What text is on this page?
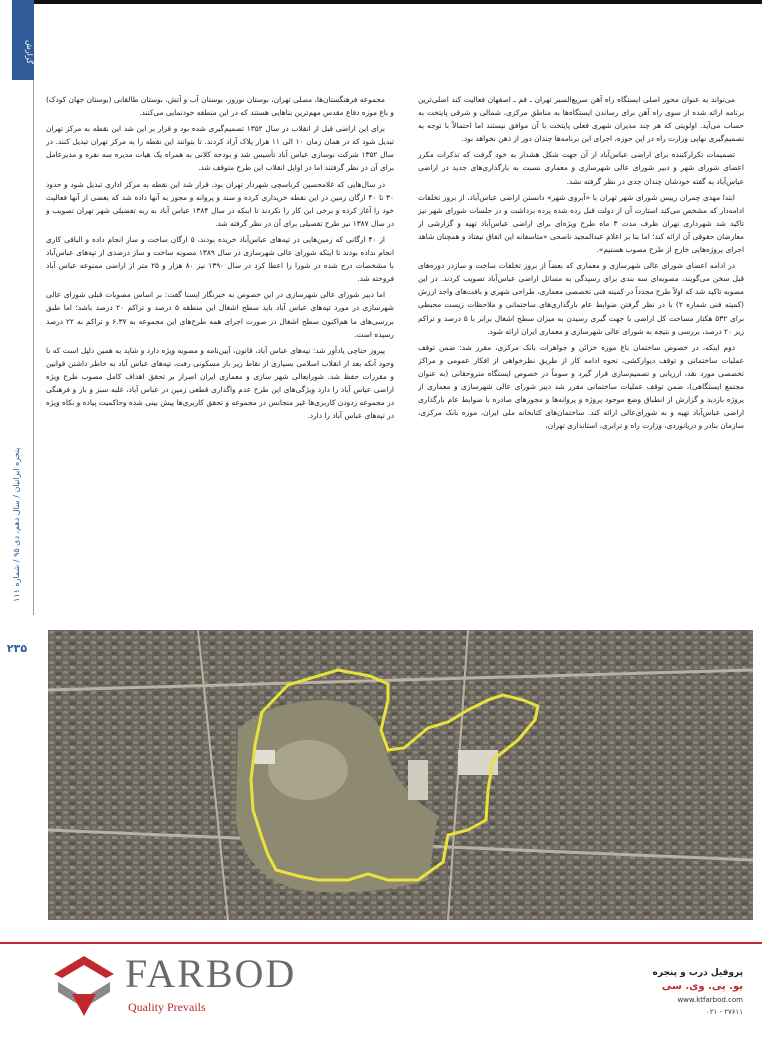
گزارش
پنجره ایرانیان / سال دهم، دی ۹۵ / شماره ۱۱۱
۲۳۵

می‌تواند به عنوان محور اصلی ایستگاه راه آهن سریع‌السیر تهران ـ قم ـ اصفهان فعالیت کند اصلی‌ترین برنامه ارائه شده از سوی راه آهن برای رساندن ایستگاه‌ها به مناطق مرکزی، شمالی و شرقی پایتخت به حساب می‌آید. اولویتی که هر چند مدیران شهری فعلی پایتخت با آن موافق نیستند اما احتمالاً با توجه به تصمیم‌گیری نهایی وزارت راه در این حوزه، اجرای این برنامه‌ها چندان دور از ذهن نخواهد بود.

تصمیمات تکرارکننده برای اراضی عباس‌آباد از آن جهت شکل هشدار به خود گرفت که تذکرات مکرر اعضای شورای شهر و دبیر شورای عالی شهرسازی و معماری نسبت به بارگذاری‌های جدید در اراضی عباس‌آباد به گفته خودشان چندان جدی در نظر گرفته نشد.

ابتدا مهدی چمران رییس شورای شهر تهران با «آبروی شهر» دانستن اراضی عباس‌آباد، از بروز تخلفات ادامه‌دار که مشخص می‌کند استارت آن از دولت قبل زده شده پرده برداشت و در جلسات شورای شهر نیز تاکید شد شهرداری تهران ظرف مدت ۳ ماه طرح ویژه‌ای برای اراضی عباس‌آباد تهیه و گزارشی از معارضان حقوقی آن ارائه کند؛ اما بنا بر اعلام عبدالمجید ناصحی «متاسفانه این اتفاق نیفتاد و همچنان شاهد اجرای پروژه‌هایی خارج از طرح مصوب هستیم».

در ادامه اعضای شورای عالی شهرسازی و معماری که بعضاً از بروز تخلفات ساخت و سازدر دوره‌های قبل سخن می‌گویند، مصوبه‌ای سه بندی برای رسیدگی به مسائل اراضی عباس‌آباد تصویب کردند. در این مصوبه تاکید شد که اولاً طرح مجدداً در کمیته فنی تخصصی معماری، طراحی شهری و بافت‌های واجد ارزش (کمیته فنی شماره ۲) با در نظر گرفتن ضوابط عام بارگذاری‌های ساختمانی و ملاحظات زیست محیطی برای ۵۳۲ هکتار مساحت کل اراضی با جهت گیری رسیدن به میزان سطح اشغال برابر با ۵ درصد و تراکم زیر ۲۰ درصد، بررسی و نتیجه به شورای عالی شهرسازی و معماری ایران ارائه شود.

دوم اینکه، در خصوص ساختمان باغ موزه خزائن و جواهرات بانک مرکزی، مقرر شد: ضمن توقف عملیات ساختمانی و توقف دیوارکشی، نحوه ادامه کار از طریق نظرخواهی از افکار عمومی و مراکز تخصصی مورد نقد، ارزیابی و تصمیم‌سازی قرار گیرد و سوماً در خصوص ایستگاه متروحقانی (به عنوان مجتمع ایستگاهی)، ضمن توقف عملیات ساختمانی مقرر شد دبیر شورای عالی شهرسازی و معماری از پروژه بازدید و گزارش از انطباق وضع موجود پروژه و پروانه‌ها و مجوزهای صادره با ضوابط عام بارگذاری اراضی عباس‌آباد تهیه و به شورای‌عالی ارائه کند. ساختمان‌های کتابخانه ملی ایران، موزه بانک مرکزی، سازمان بنادر و دریانوردی، وزارت راه و ترابری، استانداری تهران،

مجموعه فرهنگستان‌ها، مصلی تهران، بوستان نوروز، بوستان آب و آتش، بوستان طالقانی (بوستان جهان کودک) و باغ موزه دفاع مقدس مهم‌ترین بناهایی هستند که در این منطقه خودنمایی می‌کنند.

برای این اراضی قبل از انقلاب در سال ۱۳۵۲ تصمیم‌گیری شده بود و قرار بر این شد این نقطه به مرکز تهران تبدیل شود که در همان زمان ۱۰ الی ۱۱ هزار پلاک آزاد کردند. تا بتوانند این نقطه را به مرکز تهران تبدیل کنند. در سال ۱۳۵۲ شرکت نوسازی عباس آباد تأسیس شد و بودجه کلانی به همراه یک هیات مدیره سه نفره و مدیرعامل برای آن در نظر گرفتند اما در اوایل انقلاب این طرح متوقف شد.

در سال‌هایی که غلامحسین کرباسچی شهردار تهران بود، قرار شد این نقطه به مرکز اداری تبدیل شود و حدود ۳۰ تا ۴۰ ارگان زمین در این نقطه خریداری کرده و سند و پروانه و مجوز به آنها داده شد که بعضی از آنها فعالیت خود را آغاز کرده و برخی این کار را نکردند تا اینکه در سال ۱۳۸۴ عباس آباد به ربه تفضیلی شهر تهران تصویب و در سال ۱۳۸۷ نیز طرح تفصیلی برای آن در نظر گرفته شد.

از ۴۰ ارگانی که زمین‌هایی در تپه‌های عباس‌آباد خریده بودند، ۵ ارگان ساخت و ساز انجام داده و الباقی کاری انجام نداده بودند تا اینکه شورای عالی شهرسازی در سال ۱۳۸۹ مصوبه ساخت و ساز درصدی از تپه‌های عباس‌آباد با مشخصات درج شده در شورا را اعطا کرد در سال ۱۳۹۰ نیز ۸۰ هزار و ۲۵ متر از اراضی ممنوعه عباس آباد فروخته شد.

اما دبیر شورای عالی شهرسازی در این خصوص به خبرنگار ایسنا گفت: بر اساس مصوبات قبلی شورای عالی شهرسازی در مورد تپه‌های عباس آباد باید سطح اشغال این منطقه ۵ درصد و تراکم ۲۰ درصد باشد؛ اما طبق بررسی‌های ما هم‌اکنون سطح اشغال در صورت اجرای همه طرح‌های این مجموعه به ۶.۳۷ و تراکم به ۲۲ درصد رسیده است.

پیروز حناچی یادآور شد: تپه‌های عباس آباد، قانون، آیین‌نامه و مصوبه ویژه دارد و شاید به همین دلیل است که با وجود آنکه بعد از انقلاب اسلامی بسیاری از نقاط زیر بار مسکونی رفت، تپه‌های عباس آباد به خاطر داشتن قوانین و مقررات حفظ شد. شورایعالی شهر سازی و معماری ایران اصرار بر تحقق اهداف کامل مصوب طرح ویژه اراضی عباس آباد را دارد ویژگی‌های این طرح عدم واگذاری قطعی زمین در عباس آباد، غلبه سبز و باز و فرهنگی در مجموعه زدودن کاربری‌ها غیر متجانس در مجموعه و تحقق کاربری‌ها پیش بینی شده وحاکمیت پیاده و نکاه ویژه در تپه‌های عباس آباد را دارد.

FARBOD
Quality Prevails
پروفیل درب و پنجره
یو. پی. وی. سی
www.ktfarbod.com
۰۲۱ - ۲۷۶۱۱
